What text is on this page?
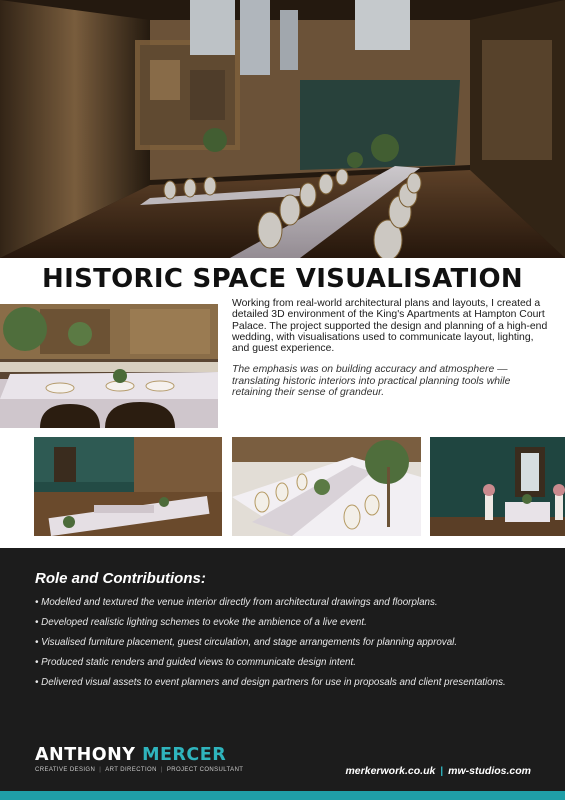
HISTORIC SPACE VISUALISATION

Working from real-world architectural plans and layouts, I created a detailed 3D environment of the King's Apartments at Hampton Court Palace. The project supported the design and planning of a high-end wedding, with visualisations used to communicate layout, lighting, and guest experience.

The emphasis was on building accuracy and atmosphere — translating historic interiors into practical planning tools while retaining their sense of grandeur.

Role and Contributions:
• Modelled and textured the venue interior directly from architectural drawings and floorplans.
• Developed realistic lighting schemes to evoke the ambience of a live event.
• Visualised furniture placement, guest circulation, and stage arrangements for planning approval.
• Produced static renders and guided views to communicate design intent.
• Delivered visual assets to event planners and design partners for use in proposals and client presentations.
ANTHONY MERCER
CREATIVE DESIGN | ART DIRECTION | PROJECT CONSULTANT	merkerwork.co.uk | mw-studios.com
